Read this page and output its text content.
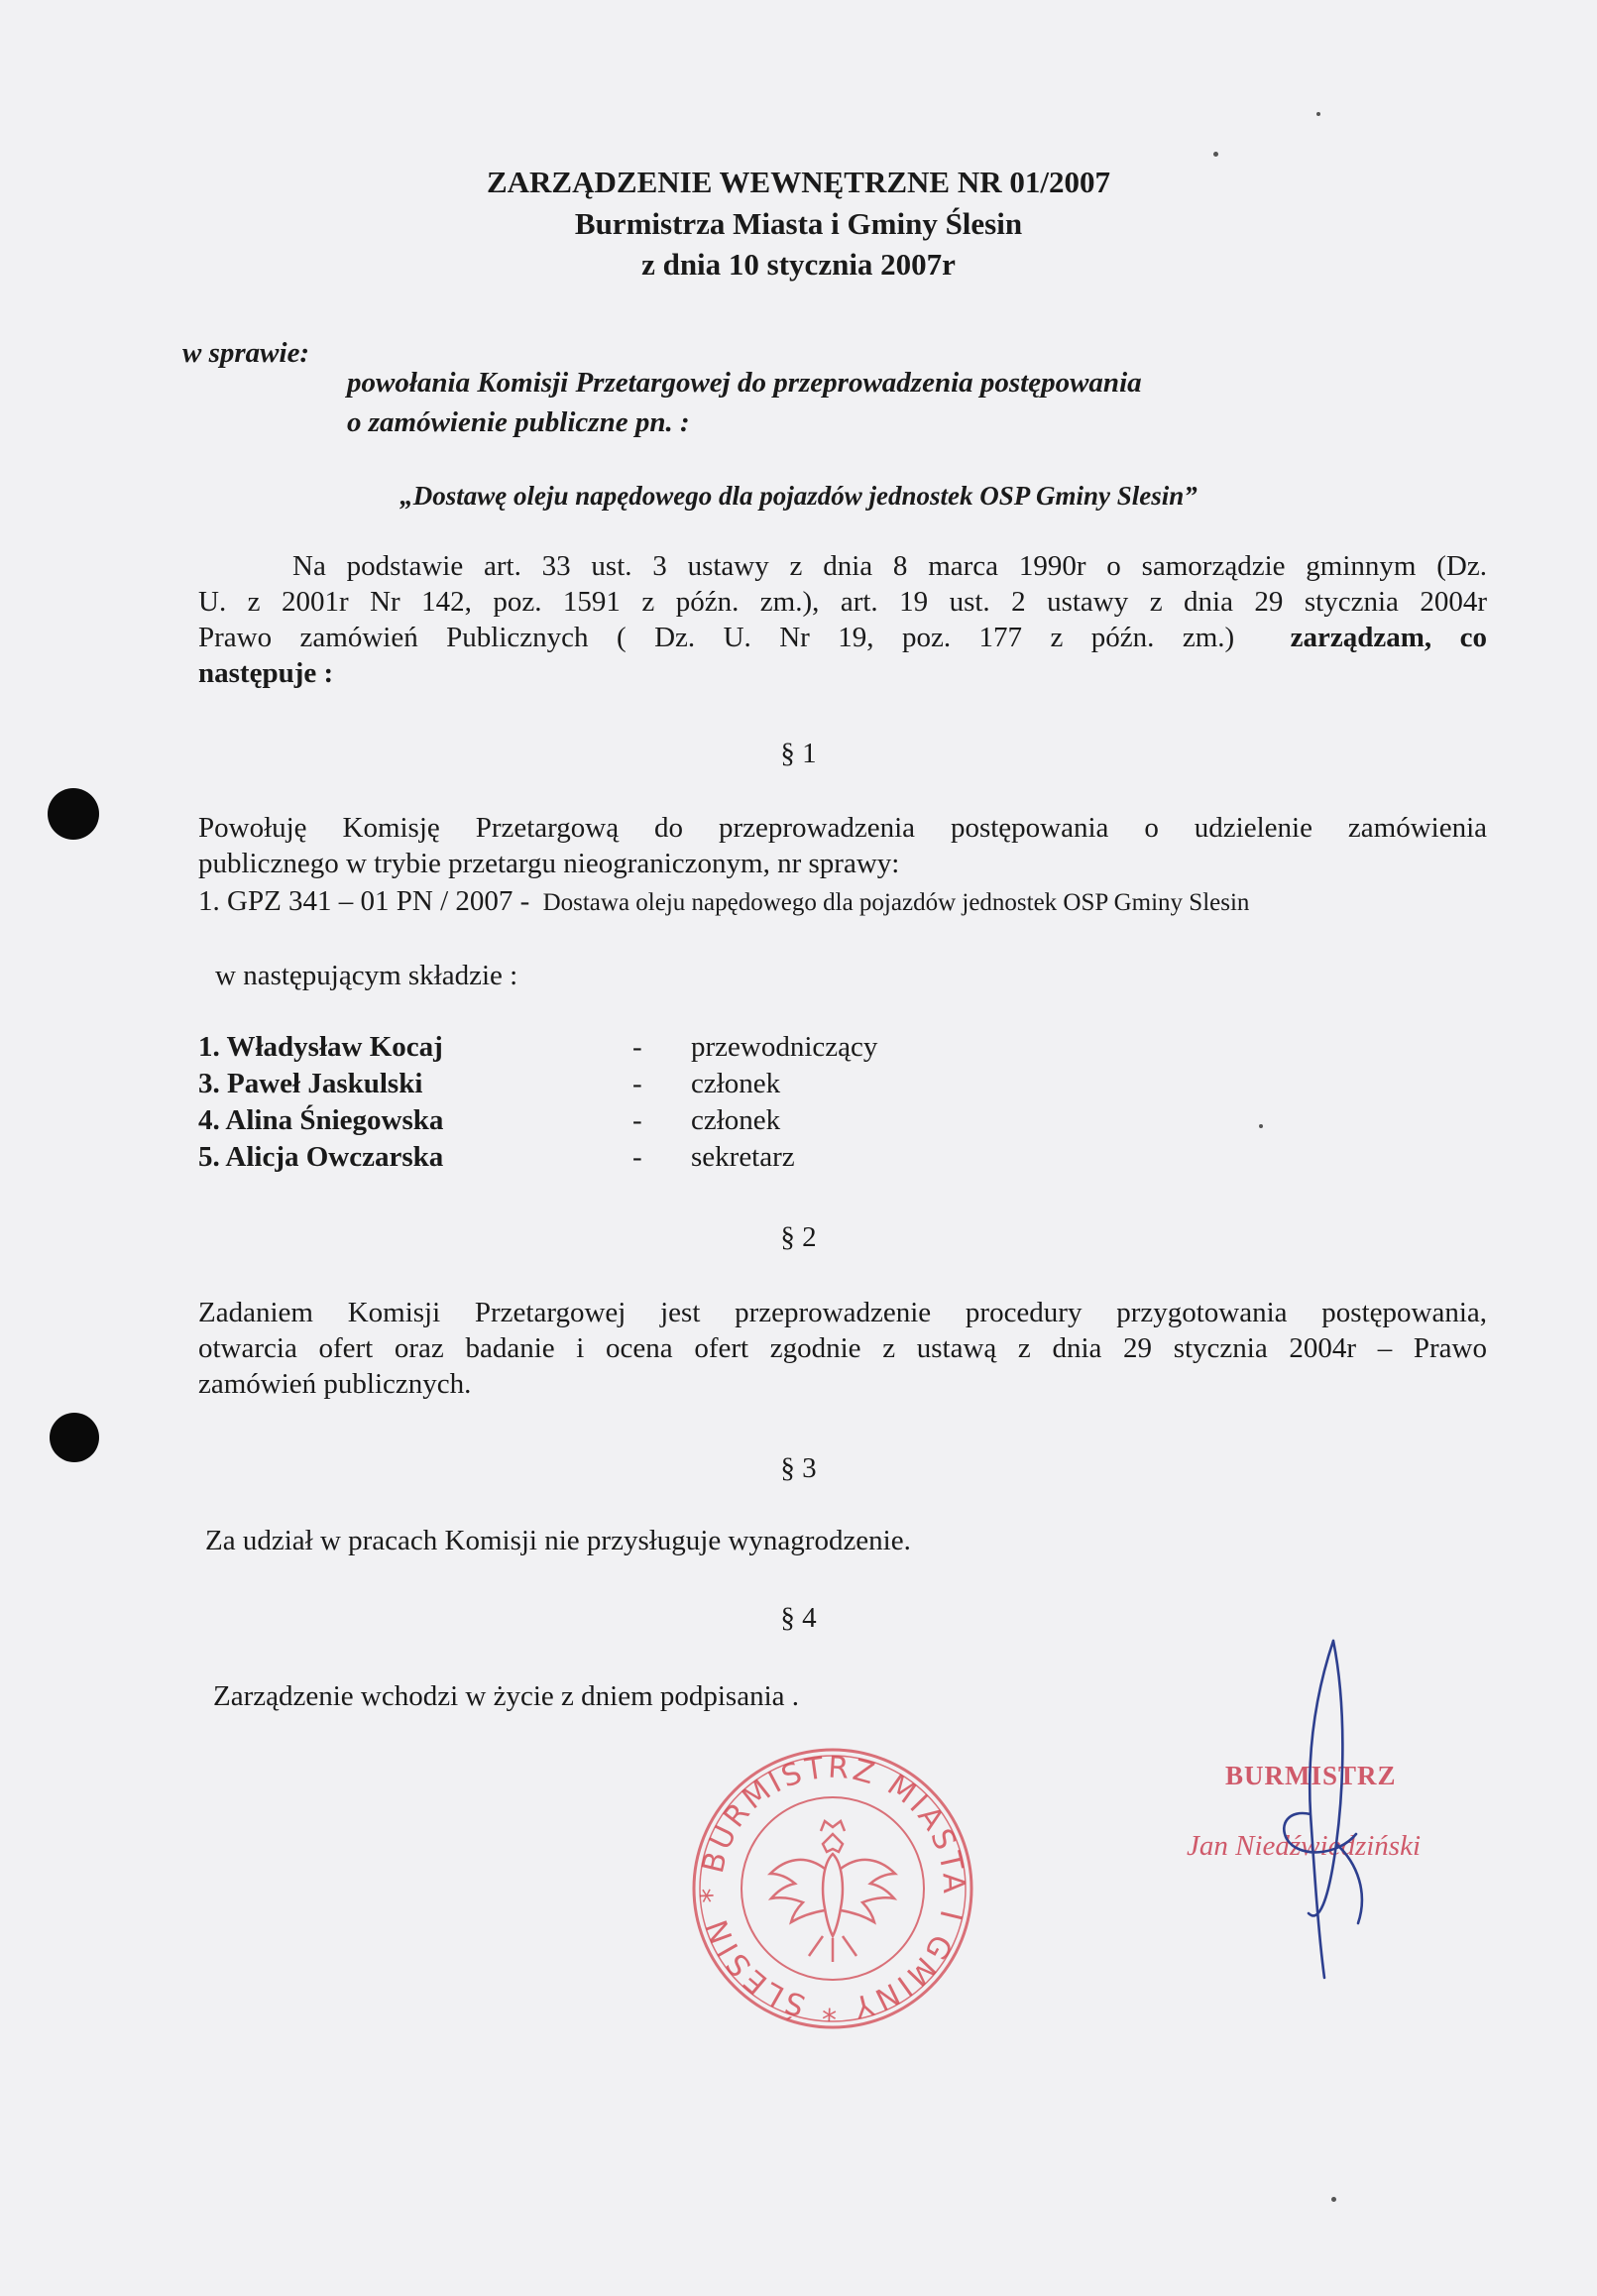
ZARZĄDZENIE WEWNĘTRZNE NR 01/2007
Burmistrza Miasta i Gminy Ślesin
z dnia 10 stycznia 2007r
w sprawie:
powołania Komisji Przetargowej do przeprowadzenia postępowania
o zamówienie publiczne pn. :
„Dostawę oleju napędowego dla pojazdów jednostek OSP Gminy Slesin”
Na podstawie art. 33 ust. 3 ustawy z dnia 8 marca 1990r o samorządzie gminnym (Dz.
U. z 2001r Nr 142, poz. 1591 z późn. zm.), art. 19 ust. 2 ustawy z dnia 29 stycznia 2004r
Prawo zamówień Publicznych ( Dz. U. Nr 19, poz. 177 z późn. zm.) zarządzam, co
następuje :
§ 1
Powołuję Komisję Przetargową do przeprowadzenia postępowania o udzielenie zamówienia
publicznego w trybie przetargu nieograniczonym, nr sprawy:
1. GPZ 341 – 01 PN / 2007 - Dostawa oleju napędowego dla pojazdów jednostek OSP Gminy Slesin
w następującym składzie :
1. Władysław Kocaj	- przewodniczący
3. Paweł Jaskulski	- członek
4. Alina Śniegowska	- członek
5. Alicja Owczarska	- sekretarz
§ 2
Zadaniem Komisji Przetargowej jest przeprowadzenie procedury przygotowania postępowania,
otwarcia ofert oraz badanie i ocena ofert zgodnie z ustawą z dnia 29 stycznia 2004r – Prawo
zamówień publicznych.
§ 3
Za udział w pracach Komisji nie przysługuje wynagrodzenie.
§ 4
Zarządzenie wchodzi w życie z dniem podpisania .
BURMISTRZ MIASTA I GMINY * ŚLESIN *
BURMISTRZ
Jan Niedźwiedziński
